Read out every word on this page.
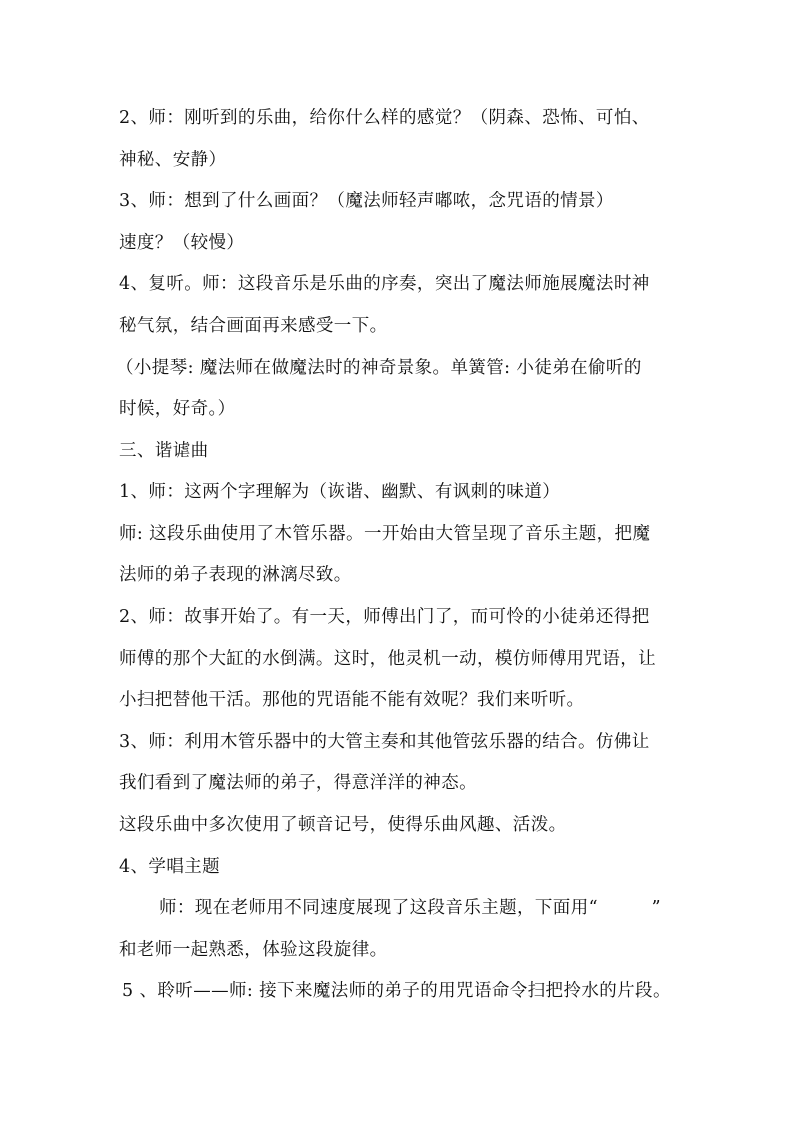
2、师：刚听到的乐曲，给你什么样的感觉？（阴森、恐怖、可怕、
神秘、安静）
3、师：想到了什么画面？（魔法师轻声嘟哝，念咒语的情景）
速度？（较慢）
4、复听。师：这段音乐是乐曲的序奏，突出了魔法师施展魔法时神
秘气氛，结合画面再来感受一下。
（小提琴: 魔法师在做魔法时的神奇景象。单簧管: 小徒弟在偷听的
时候，好奇。）
三、谐谑曲
1、师：这两个字理解为（诙谐、幽默、有讽刺的味道）
师: 这段乐曲使用了木管乐器。一开始由大管呈现了音乐主题，把魔
法师的弟子表现的淋漓尽致。
2、师：故事开始了。有一天，师傅出门了，而可怜的小徒弟还得把
师傅的那个大缸的水倒满。这时，他灵机一动，模仿师傅用咒语，让
小扫把替他干活。那他的咒语能不能有效呢？我们来听听。
3、师：利用木管乐器中的大管主奏和其他管弦乐器的结合。仿佛让
我们看到了魔法师的弟子，得意洋洋的神态。
这段乐曲中多次使用了顿音记号，使得乐曲风趣、活泼。
4、学唱主题
师：现在老师用不同速度展现了这段音乐主题，下面用“　　　”
和老师一起熟悉，体验这段旋律。
5 、聆听——师: 接下来魔法师的弟子的用咒语命令扫把拎水的片段。
